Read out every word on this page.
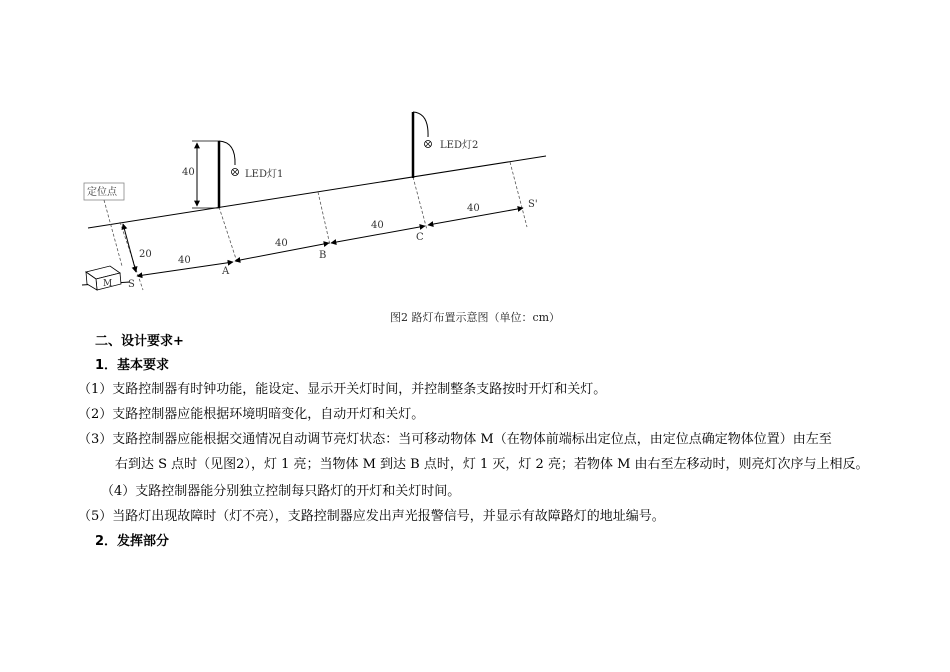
40
20
40
40
40
40
S
A
B
C
S'
LED灯1
LED灯2
定位点
M
图2 路灯布置示意图（单位：cm）
二、设计要求+
1．基本要求
（1）支路控制器有时钟功能，能设定、显示开关灯时间，并控制整条支路按时开灯和关灯。
（2）支路控制器应能根据环境明暗变化，自动开灯和关灯。
（3）支路控制器应能根据交通情况自动调节亮灯状态：当可移动物体 M（在物体前端标出定位点，由定位点确定物体位置）由左至
右到达 S 点时（见图2），灯 1 亮；当物体 M 到达 B 点时，灯 1 灭，灯 2 亮；若物体 M 由右至左移动时，则亮灯次序与上相反。
（4）支路控制器能分别独立控制每只路灯的开灯和关灯时间。
（5）当路灯出现故障时（灯不亮），支路控制器应发出声光报警信号，并显示有故障路灯的地址编号。
2．发挥部分
